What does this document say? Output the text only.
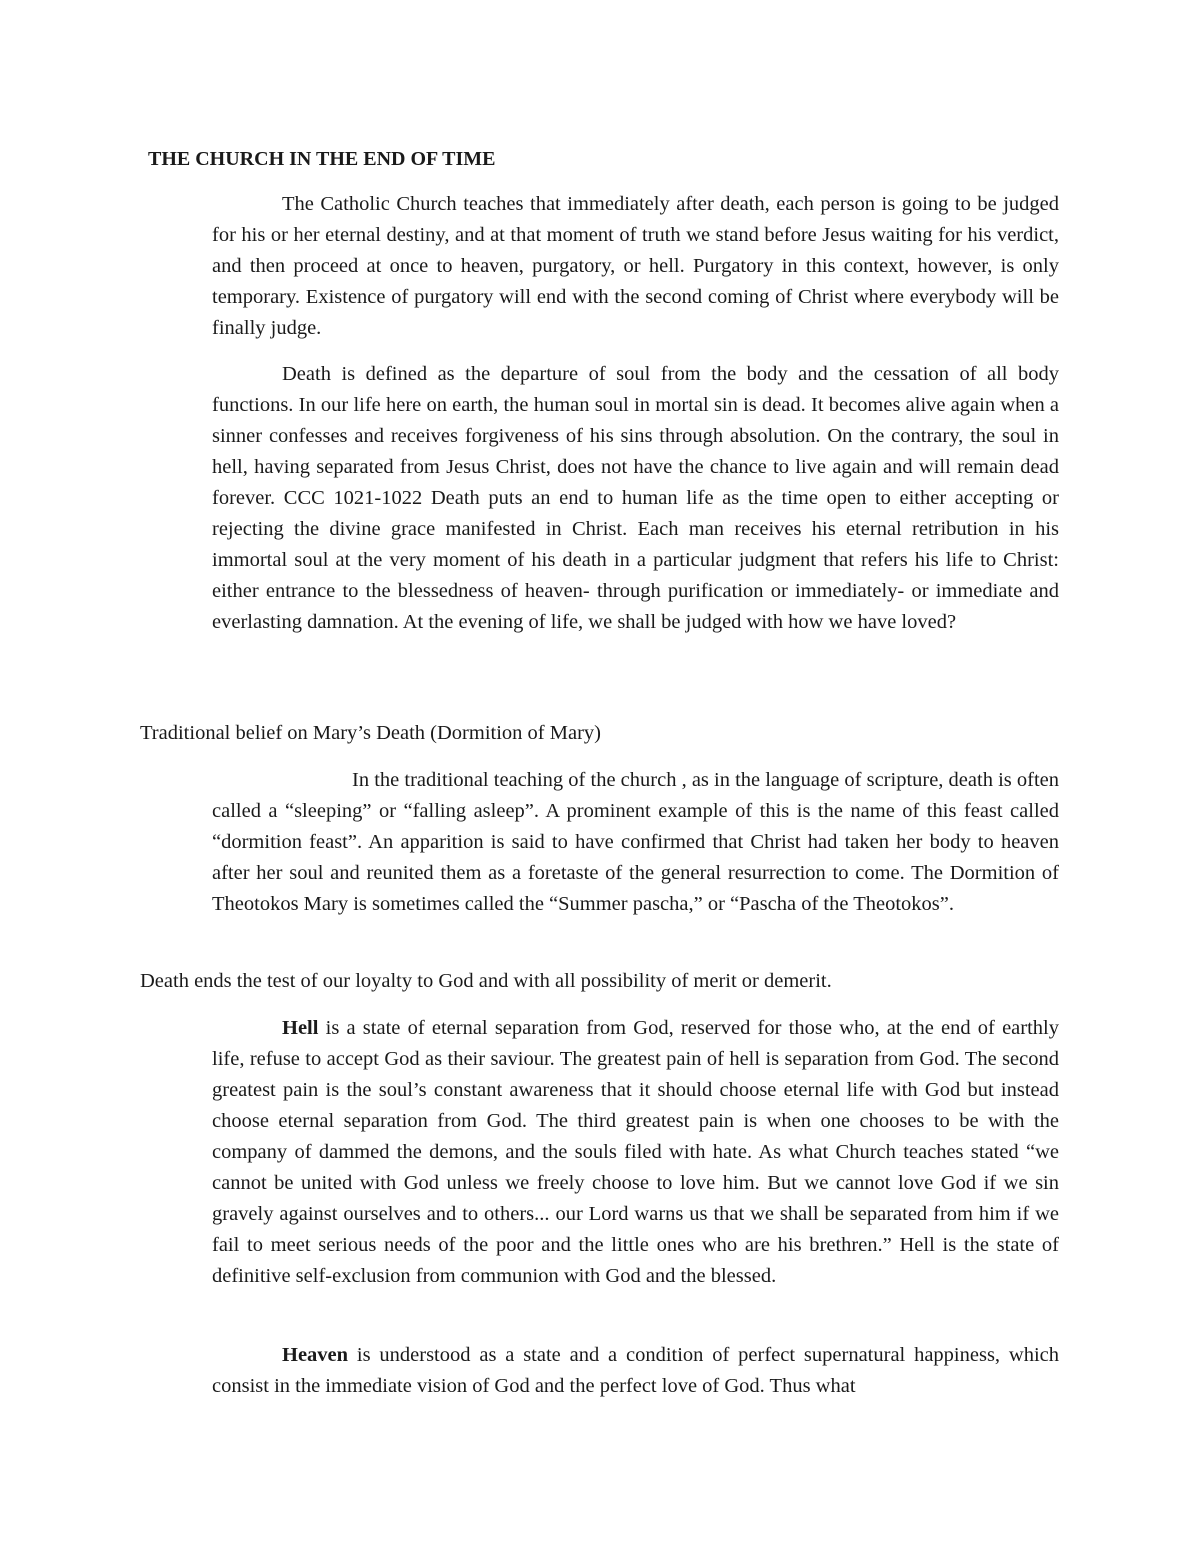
THE CHURCH IN THE END OF TIME

The Catholic Church teaches that immediately after death, each person is going to be judged for his or her eternal destiny, and at that moment of truth we stand before Jesus waiting for his verdict, and then proceed at once to heaven, purgatory, or hell. Purgatory in this context, however, is only temporary. Existence of purgatory will end with the second coming of Christ where everybody will be finally judge.

Death is defined as the departure of soul from the body and the cessation of all body functions. In our life here on earth, the human soul in mortal sin is dead. It becomes alive again when a sinner confesses and receives forgiveness of his sins through absolution. On the contrary, the soul in hell, having separated from Jesus Christ, does not have the chance to live again and will remain dead forever. CCC 1021-1022 Death puts an end to human life as the time open to either accepting or rejecting the divine grace manifested in Christ. Each man receives his eternal retribution in his immortal soul at the very moment of his death in a particular judgment that refers his life to Christ: either entrance to the blessedness of heaven- through purification or immediately- or immediate and everlasting damnation. At the evening of life, we shall be judged with how we have loved?

Traditional belief on Mary’s Death (Dormition of Mary)

In the traditional teaching of the church , as in the language of scripture, death is often called a “sleeping” or “falling asleep”. A prominent example of this is the name of this feast called “dormition feast”. An apparition is said to have confirmed that Christ had taken her body to heaven after her soul and reunited them as a foretaste of the general resurrection to come. The Dormition of Theotokos Mary is sometimes called the “Summer pascha,” or “Pascha of the Theotokos”.

Death ends the test of our loyalty to God and with all possibility of merit or demerit.

Hell is a state of eternal separation from God, reserved for those who, at the end of earthly life, refuse to accept God as their saviour. The greatest pain of hell is separation from God. The second greatest pain is the soul’s constant awareness that it should choose eternal life with God but instead choose eternal separation from God. The third greatest pain is when one chooses to be with the company of dammed the demons, and the souls filed with hate. As what Church teaches stated “we cannot be united with God unless we freely choose to love him. But we cannot love God if we sin gravely against ourselves and to others... our Lord warns us that we shall be separated from him if we fail to meet serious needs of the poor and the little ones who are his brethren.” Hell is the state of definitive self-exclusion from communion with God and the blessed.

Heaven is understood as a state and a condition of perfect supernatural happiness, which consist in the immediate vision of God and the perfect love of God. Thus what
